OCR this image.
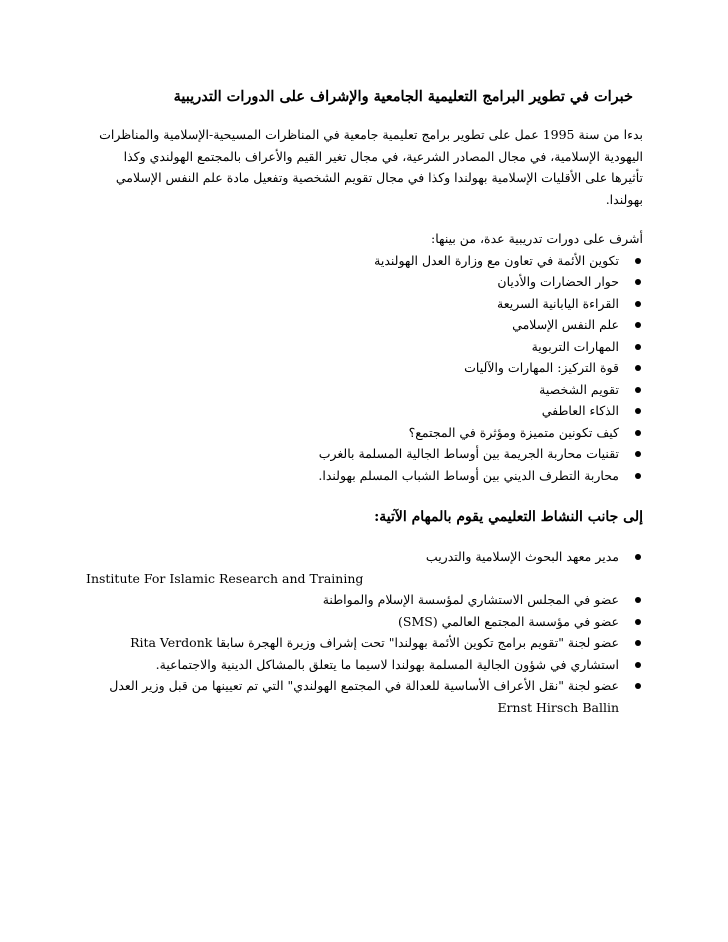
خبرات في تطوير البرامج التعليمية الجامعية والإشراف على الدورات التدريبية
بدءا من سنة 1995 عمل على تطوير برامج تعليمية جامعية في المناظرات المسيحية-الإسلامية والمناظرات
اليهودية الإسلامية، في مجال المصادر الشرعية، في مجال تغير القيم والأعراف بالمجتمع الهولندي وكذا
تأثيرها على الأقليات الإسلامية بهولندا وكذا في مجال تقويم الشخصية وتفعيل مادة علم النفس الإسلامي
بهولندا.
أشرف على دورات تدريبية عدة، من بينها:
تكوين الأئمة في تعاون مع وزارة العدل الهولندية
حوار الحضارات والأديان
القراءة اليابانية السريعة
علم النفس الإسلامي
المهارات التربوية
قوة التركيز: المهارات والآليات
تقويم الشخصية
الذكاء العاطفي
كيف تكونين متميزة ومؤثرة في المجتمع؟
تقنيات محاربة الجريمة بين أوساط الجالية المسلمة بالغرب
محاربة التطرف الديني بين أوساط الشباب المسلم بهولندا.
إلى جانب النشاط التعليمي يقوم بالمهام الآتية:
مدير معهد البحوث الإسلامية والتدريب
Institute For Islamic Research and Training
عضو في المجلس الاستشاري لمؤسسة الإسلام والمواطنة
عضو في مؤسسة المجتمع العالمي (SMS)
عضو لجنة "تقويم برامج تكوين الأئمة بهولندا" تحت إشراف وزيرة الهجرة سابقا Rita Verdonk
استشاري في شؤون الجالية المسلمة بهولندا لاسيما ما يتعلق بالمشاكل الدينية والاجتماعية.
عضو لجنة "نقل الأعراف الأساسية للعدالة في المجتمع الهولندي" التي تم تعيينها من قبل وزير العدل
Ernst Hirsch Ballin
